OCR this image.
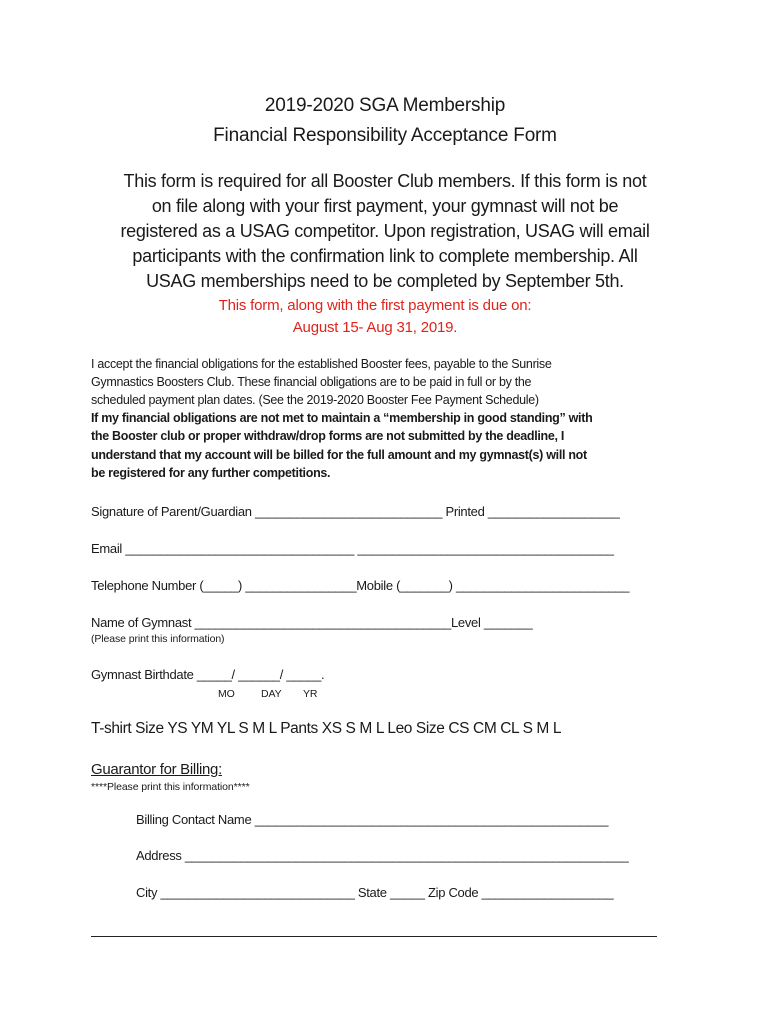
2019-2020 SGA Membership
Financial Responsibility Acceptance Form
This form is required for all Booster Club members. If this form is not
on file along with your first payment, your gymnast will not be
registered as a USAG competitor. Upon registration, USAG will email
participants with the confirmation link to complete membership. All
USAG memberships need to be completed by September 5th.
This form, along with the first payment is due on:
August 15- Aug 31, 2019.
I accept the financial obligations for the established Booster fees, payable to the Sunrise
Gymnastics Boosters Club. These financial obligations are to be paid in full or by the
scheduled payment plan dates. (See the 2019-2020 Booster Fee Payment Schedule)
If my financial obligations are not met to maintain a “membership in good standing” with
the Booster club or proper withdraw/drop forms are not submitted by the deadline, I
understand that my account will be billed for the full amount and my gymnast(s) will not
be registered for any further competitions.
Signature of Parent/Guardian ___________________________ Printed ___________________
Email _________________________________ _____________________________________
Telephone Number (_____) ________________Mobile (_______) _________________________
Name of Gymnast _____________________________________Level _______
(Please print this information)
Gymnast Birthdate _____/ ______/ _____.
MO	DAY YR
T-shirt Size YS YM YL S M L Pants XS S M L Leo Size CS CM CL S M L
Guarantor for Billing:
****Please print this information****
Billing Contact Name ___________________________________________________
Address ________________________________________________________________
City ____________________________ State _____ Zip Code ___________________
